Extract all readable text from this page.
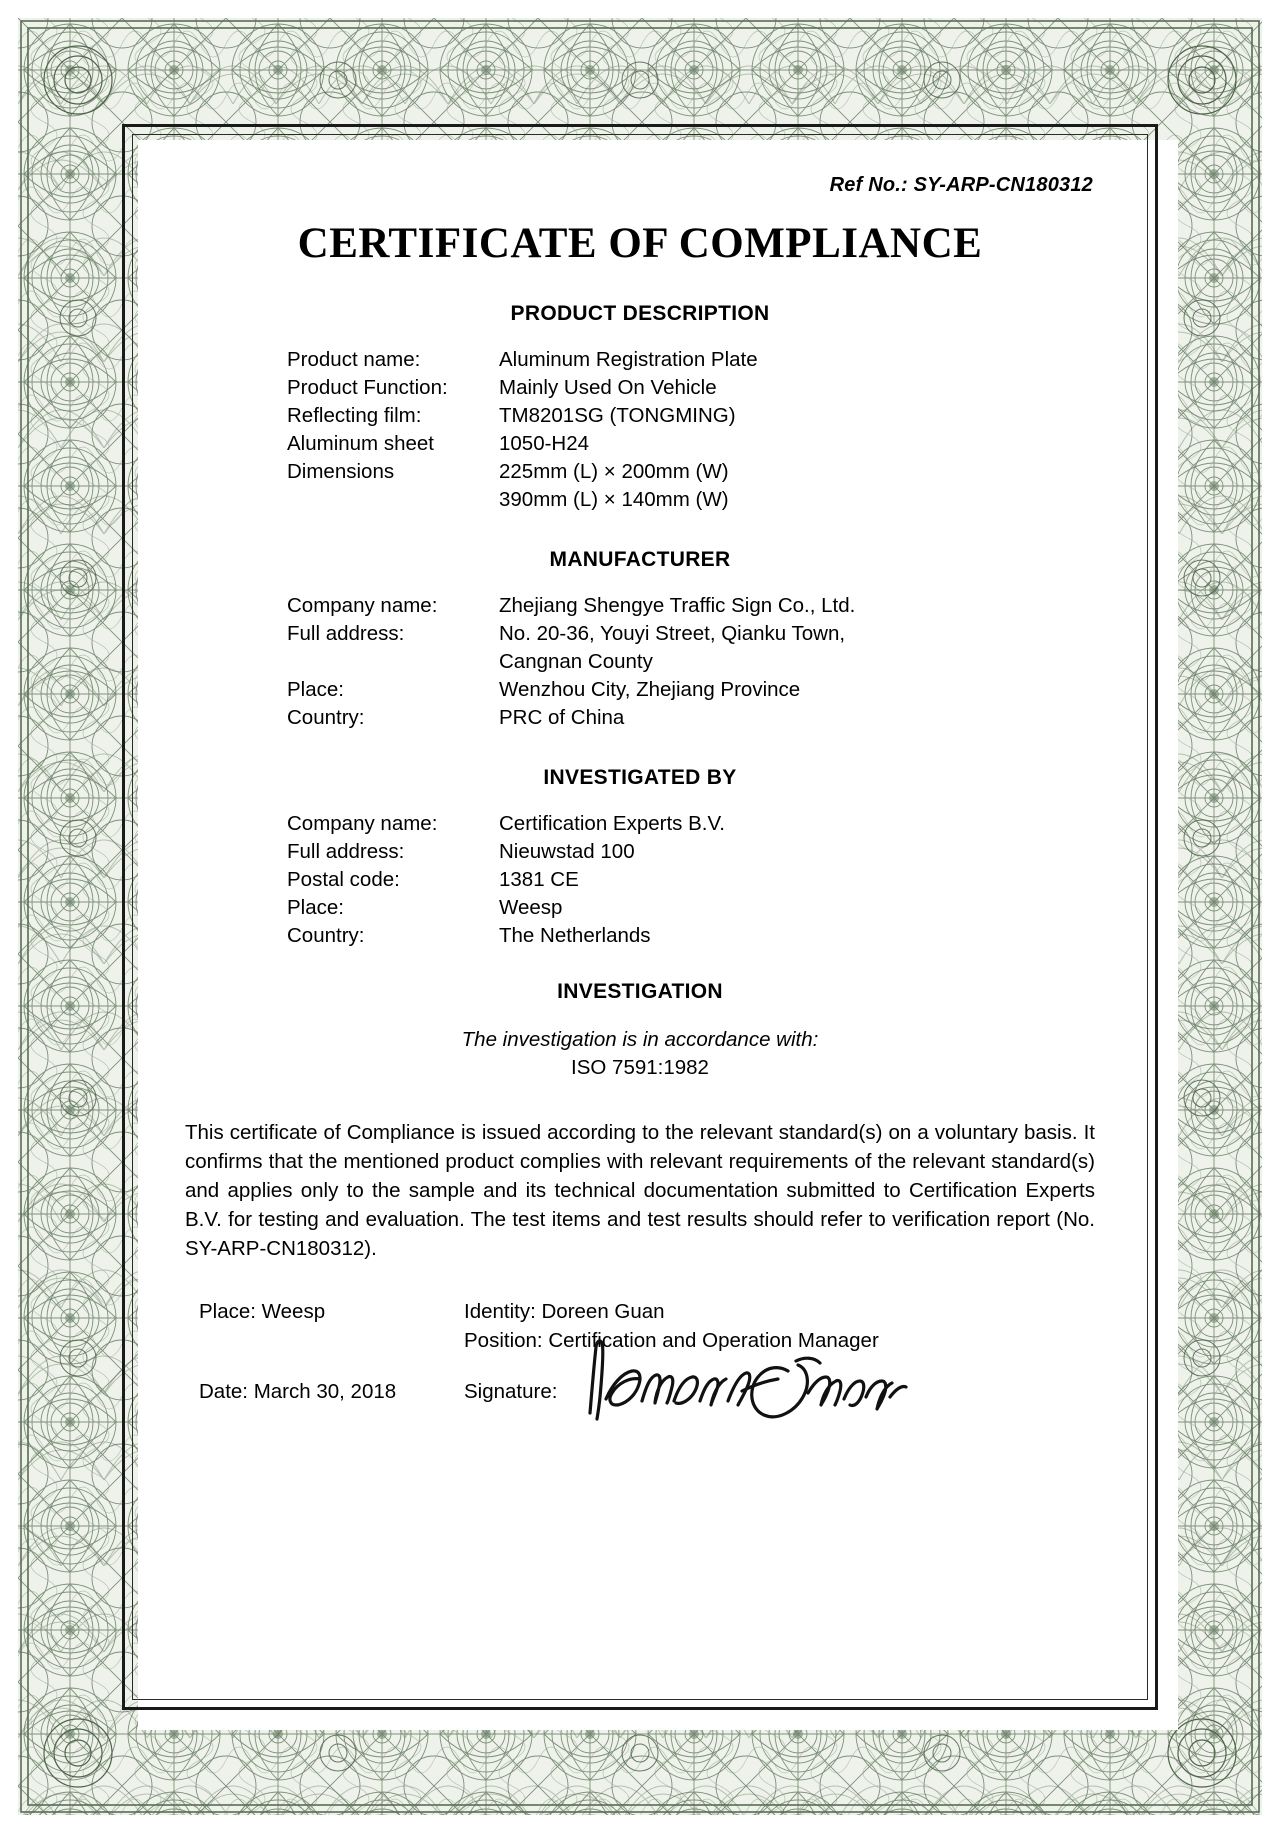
Ref No.: SY-ARP-CN180312
CERTIFICATE OF COMPLIANCE
PRODUCT DESCRIPTION
Product name:	Aluminum Registration Plate
Product Function:	Mainly Used On Vehicle
Reflecting film:	TM8201SG (TONGMING)
Aluminum sheet	1050-H24
Dimensions	225mm (L) × 200mm (W)
390mm (L) × 140mm (W)
MANUFACTURER
Company name:	Zhejiang Shengye Traffic Sign Co., Ltd.
Full address:	No. 20-36, Youyi Street, Qianku Town,
Cangnan County
Place:	Wenzhou City, Zhejiang Province
Country:	PRC of China
INVESTIGATED BY
Company name:	Certification Experts B.V.
Full address:	Nieuwstad 100
Postal code:	1381 CE
Place:	Weesp
Country:	The Netherlands
INVESTIGATION
The investigation is in accordance with:
ISO 7591:1982
This certificate of Compliance is issued according to the relevant standard(s) on a voluntary basis. It confirms that the mentioned product complies with relevant requirements of the relevant standard(s) and applies only to the sample and its technical documentation submitted to Certification Experts B.V. for testing and evaluation. The test items and test results should refer to verification report (No. SY-ARP-CN180312).
Place: Weesp	Identity: Doreen Guan
Position: Certification and Operation Manager
Date: March 30, 2018	Signature:
